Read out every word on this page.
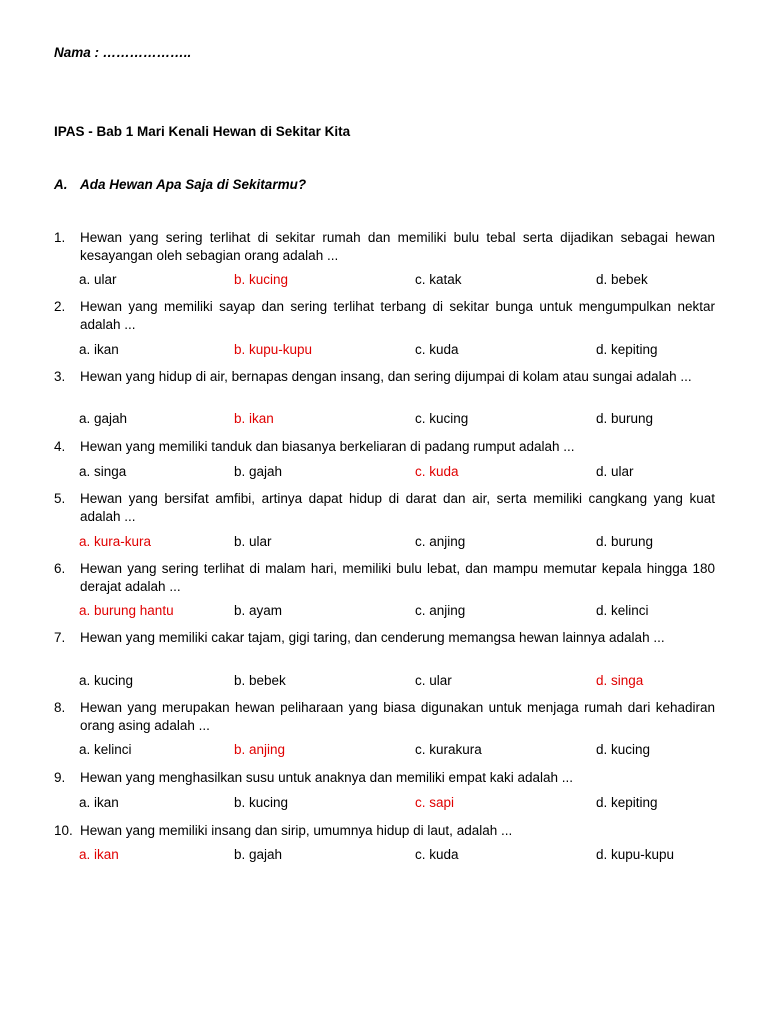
Nama : ………………..
IPAS - Bab 1 Mari Kenali Hewan di Sekitar Kita
A. Ada Hewan Apa Saja di Sekitarmu?
1. Hewan yang sering terlihat di sekitar rumah dan memiliki bulu tebal serta dijadikan sebagai hewan kesayangan oleh sebagian orang adalah ...
a. ular	b. kucing	c. katak	d. bebek
2. Hewan yang memiliki sayap dan sering terlihat terbang di sekitar bunga untuk mengumpulkan nektar adalah ...
a. ikan	b. kupu-kupu	c. kuda	d. kepiting
3. Hewan yang hidup di air, bernapas dengan insang, dan sering dijumpai di kolam atau sungai adalah ...
a. gajah	b. ikan	c. kucing	d. burung
4. Hewan yang memiliki tanduk dan biasanya berkeliaran di padang rumput adalah ...
a. singa	b. gajah	c. kuda	d. ular
5. Hewan yang bersifat amfibi, artinya dapat hidup di darat dan air, serta memiliki cangkang yang kuat adalah ...
a. kura-kura	b. ular	c. anjing	d. burung
6. Hewan yang sering terlihat di malam hari, memiliki bulu lebat, dan mampu memutar kepala hingga 180 derajat adalah ...
a. burung hantu	b. ayam	c. anjing	d. kelinci
7. Hewan yang memiliki cakar tajam, gigi taring, dan cenderung memangsa hewan lainnya adalah ...
a. kucing	b. bebek	c. ular	d. singa
8. Hewan yang merupakan hewan peliharaan yang biasa digunakan untuk menjaga rumah dari kehadiran orang asing adalah ...
a. kelinci	b. anjing	c. kurakura	d. kucing
9. Hewan yang menghasilkan susu untuk anaknya dan memiliki empat kaki adalah ...
a. ikan	b. kucing	c. sapi	d. kepiting
10. Hewan yang memiliki insang dan sirip, umumnya hidup di laut, adalah ...
a. ikan	b. gajah	c. kuda	d. kupu-kupu
